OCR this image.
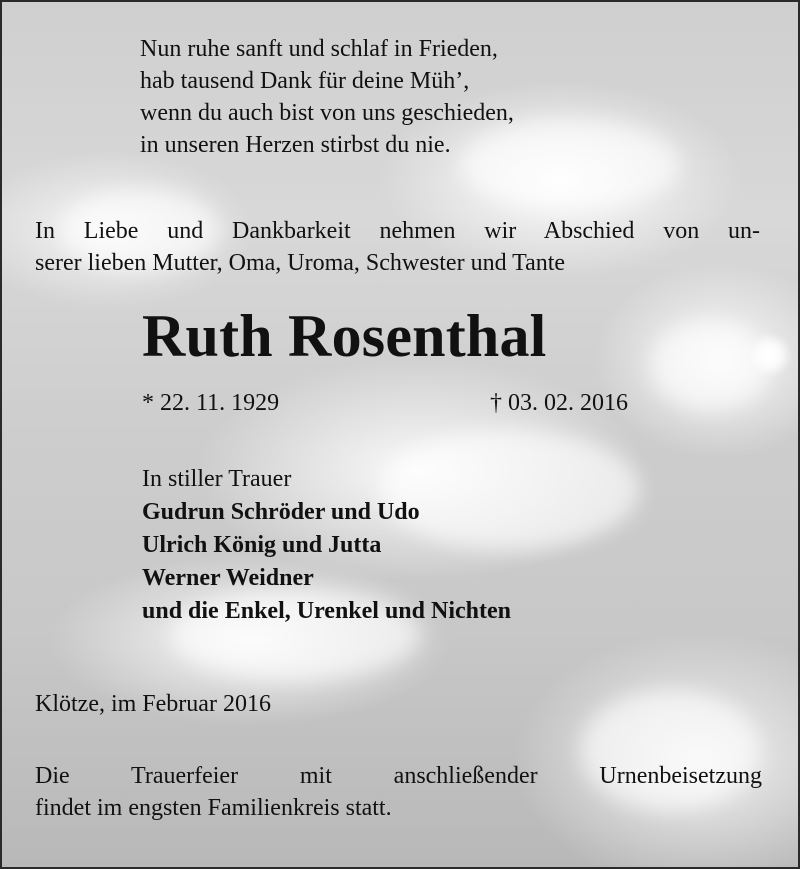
Nun ruhe sanft und schlaf in Frieden,
hab tausend Dank für deine Müh’,
wenn du auch bist von uns geschieden,
in unseren Herzen stirbst du nie.
In Liebe und Dankbarkeit nehmen wir Abschied von un-
serer lieben Mutter, Oma, Uroma, Schwester und Tante
Ruth Rosenthal
* 22. 11. 1929	† 03. 02. 2016
In stiller Trauer
Gudrun Schröder und Udo
Ulrich König und Jutta
Werner Weidner
und die Enkel, Urenkel und Nichten
Klötze, im Februar 2016
Die Trauerfeier mit anschließender Urnenbeisetzung
findet im engsten Familienkreis statt.
